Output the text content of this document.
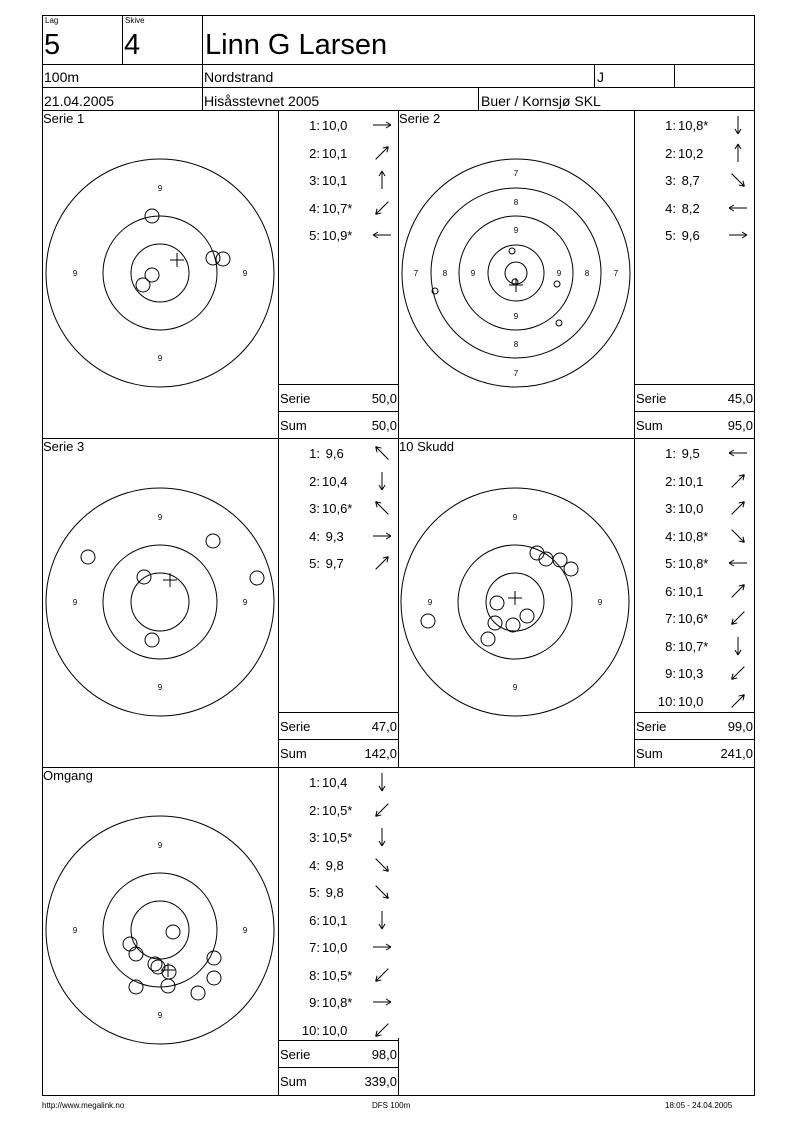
Lag
5
Skive
4 Linn G Larsen
100m	Nordstrand	J
21.04.2005	Hisåsstevnet 2005	Buer / Kornsjø SKL
Serie 1
9
9
9	9
1: 10,0
2: 10,1
3: 10,1
4: 10,7*
5: 10,9*
Serie	50,0
Sum	50,0
Serie 2
7
7
7	7
8
8
8	8
9
9
9	9
1: 10,8*
2: 10,2
3: 8,7
4: 8,2
5: 9,6
Serie	45,0
Sum	95,0
Serie 3
9
9
9	9
1: 9,6
2: 10,4
3: 10,6*
4: 9,3
5: 9,7
Serie	47,0
Sum	142,0
10 Skudd
9
9
9	9
1: 9,5
2: 10,1
3: 10,0
4: 10,8*
5: 10,8*
6: 10,1
7: 10,6*
8: 10,7*
9: 10,3
10: 10,0
Serie	99,0
Sum	241,0
Omgang
9
9
9	9
1: 10,4
2: 10,5*
3: 10,5*
4: 9,8
5: 9,8
6: 10,1
7: 10,0
8: 10,5*
9: 10,8*
10: 10,0
Serie	98,0
Sum	339,0
http://www.megalink.no	DFS 100m	18:05 - 24.04.2005
